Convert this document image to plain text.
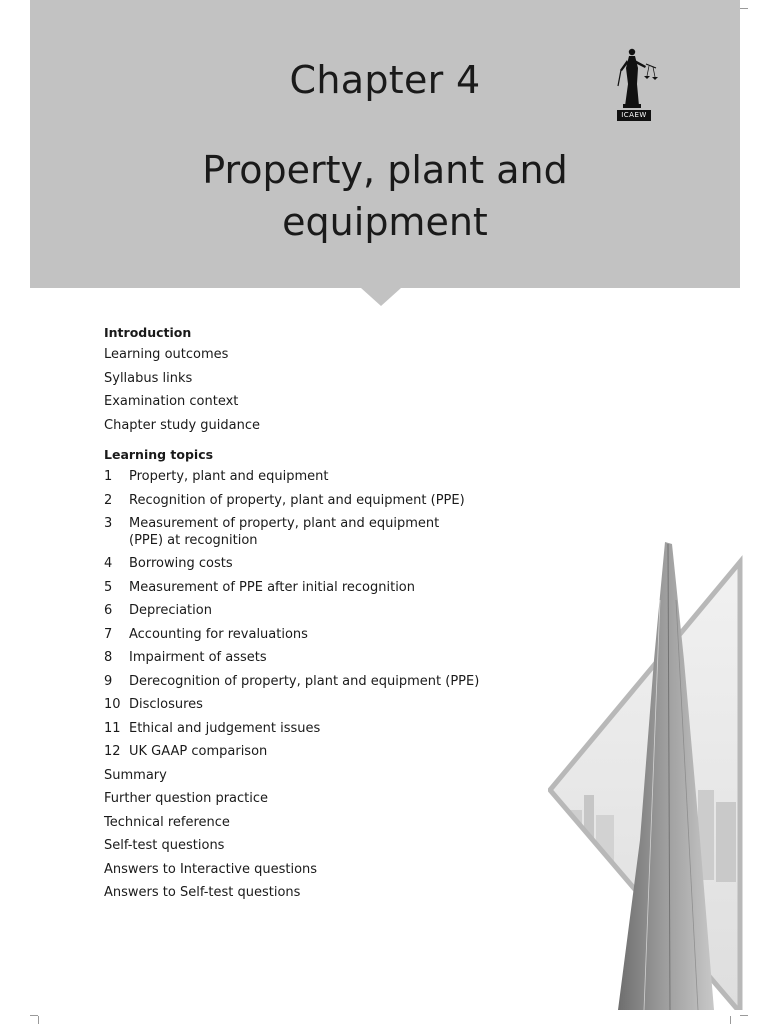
Chapter 4
Property, plant and equipment
ICAEW
Introduction
Learning outcomes
Syllabus links
Examination context
Chapter study guidance
Learning topics
1	Property, plant and equipment
2	Recognition of property, plant and equipment (PPE)
3	Measurement of property, plant and equipment (PPE) at recognition
4	Borrowing costs
5	Measurement of PPE after initial recognition
6	Depreciation
7	Accounting for revaluations
8	Impairment of assets
9	Derecognition of property, plant and equipment (PPE)
10 Disclosures
11 Ethical and judgement issues
12 UK GAAP comparison
Summary
Further question practice
Technical reference
Self-test questions
Answers to Interactive questions
Answers to Self-test questions
